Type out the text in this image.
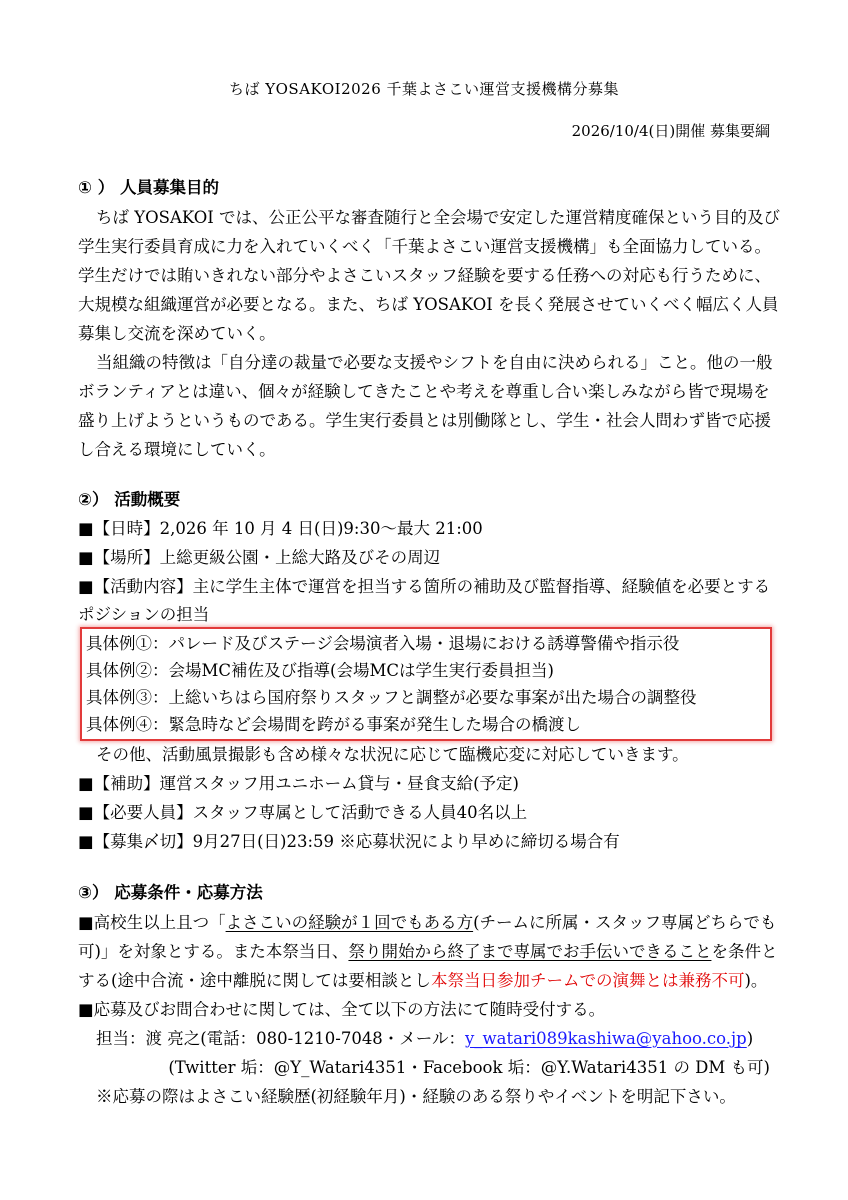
ちば YOSAKOI2026 千葉よさこい運営支援機構分募集
2026/10/4(日)開催 募集要綱
① ） 人員募集目的
ちば YOSAKOI では、公正公平な審査随行と全会場で安定した運営精度確保という目的及び
学生実行委員育成に力を入れていくべく「千葉よさこい運営支援機構」も全面協力している。
学生だけでは賄いきれない部分やよさこいスタッフ経験を要する任務への対応も行うために、
大規模な組織運営が必要となる。また、ちば YOSAKOI を長く発展させていくべく幅広く人員
募集し交流を深めていく。
当組織の特徴は「自分達の裁量で必要な支援やシフトを自由に決められる」こと。他の一般
ボランティアとは違い、個々が経験してきたことや考えを尊重し合い楽しみながら皆で現場を
盛り上げようというものである。学生実行委員とは別働隊とし、学生・社会人問わず皆で応援
し合える環境にしていく。
②） 活動概要
■【日時】2,026 年 10 月 4 日(日)9:30～最大 21:00
■【場所】上総更級公園・上総大路及びその周辺
■【活動内容】主に学生主体で運営を担当する箇所の補助及び監督指導、経験値を必要とする
ポジションの担当
具体例①：パレード及びステージ会場演者入場・退場における誘導警備や指示役
具体例②：会場MC補佐及び指導(会場MCは学生実行委員担当)
具体例③：上総いちはら国府祭りスタッフと調整が必要な事案が出た場合の調整役
具体例④：緊急時など会場間を跨がる事案が発生した場合の橋渡し
その他、活動風景撮影も含め様々な状況に応じて臨機応変に対応していきます。
■【補助】運営スタッフ用ユニホーム貸与・昼食支給(予定)
■【必要人員】スタッフ専属として活動できる人員40名以上
■【募集〆切】9月27日(日)23:59 ※応募状況により早めに締切る場合有
③） 応募条件・応募方法
■高校生以上且つ「よさこいの経験が１回でもある方(チームに所属・スタッフ専属どちらでも
可)」を対象とする。また本祭当日、祭り開始から終了まで専属でお手伝いできることを条件と
する(途中合流・途中離脱に関しては要相談とし本祭当日参加チームでの演舞とは兼務不可)。
■応募及びお問合わせに関しては、全て以下の方法にて随時受付する。
担当：渡 亮之(電話：080-1210-7048・メール：y_watari089kashiwa@yahoo.co.jp)
(Twitter 垢：@Y_Watari4351・Facebook 垢：@Y.Watari4351 の DM も可)
※応募の際はよさこい経験歴(初経験年月)・経験のある祭りやイベントを明記下さい。
